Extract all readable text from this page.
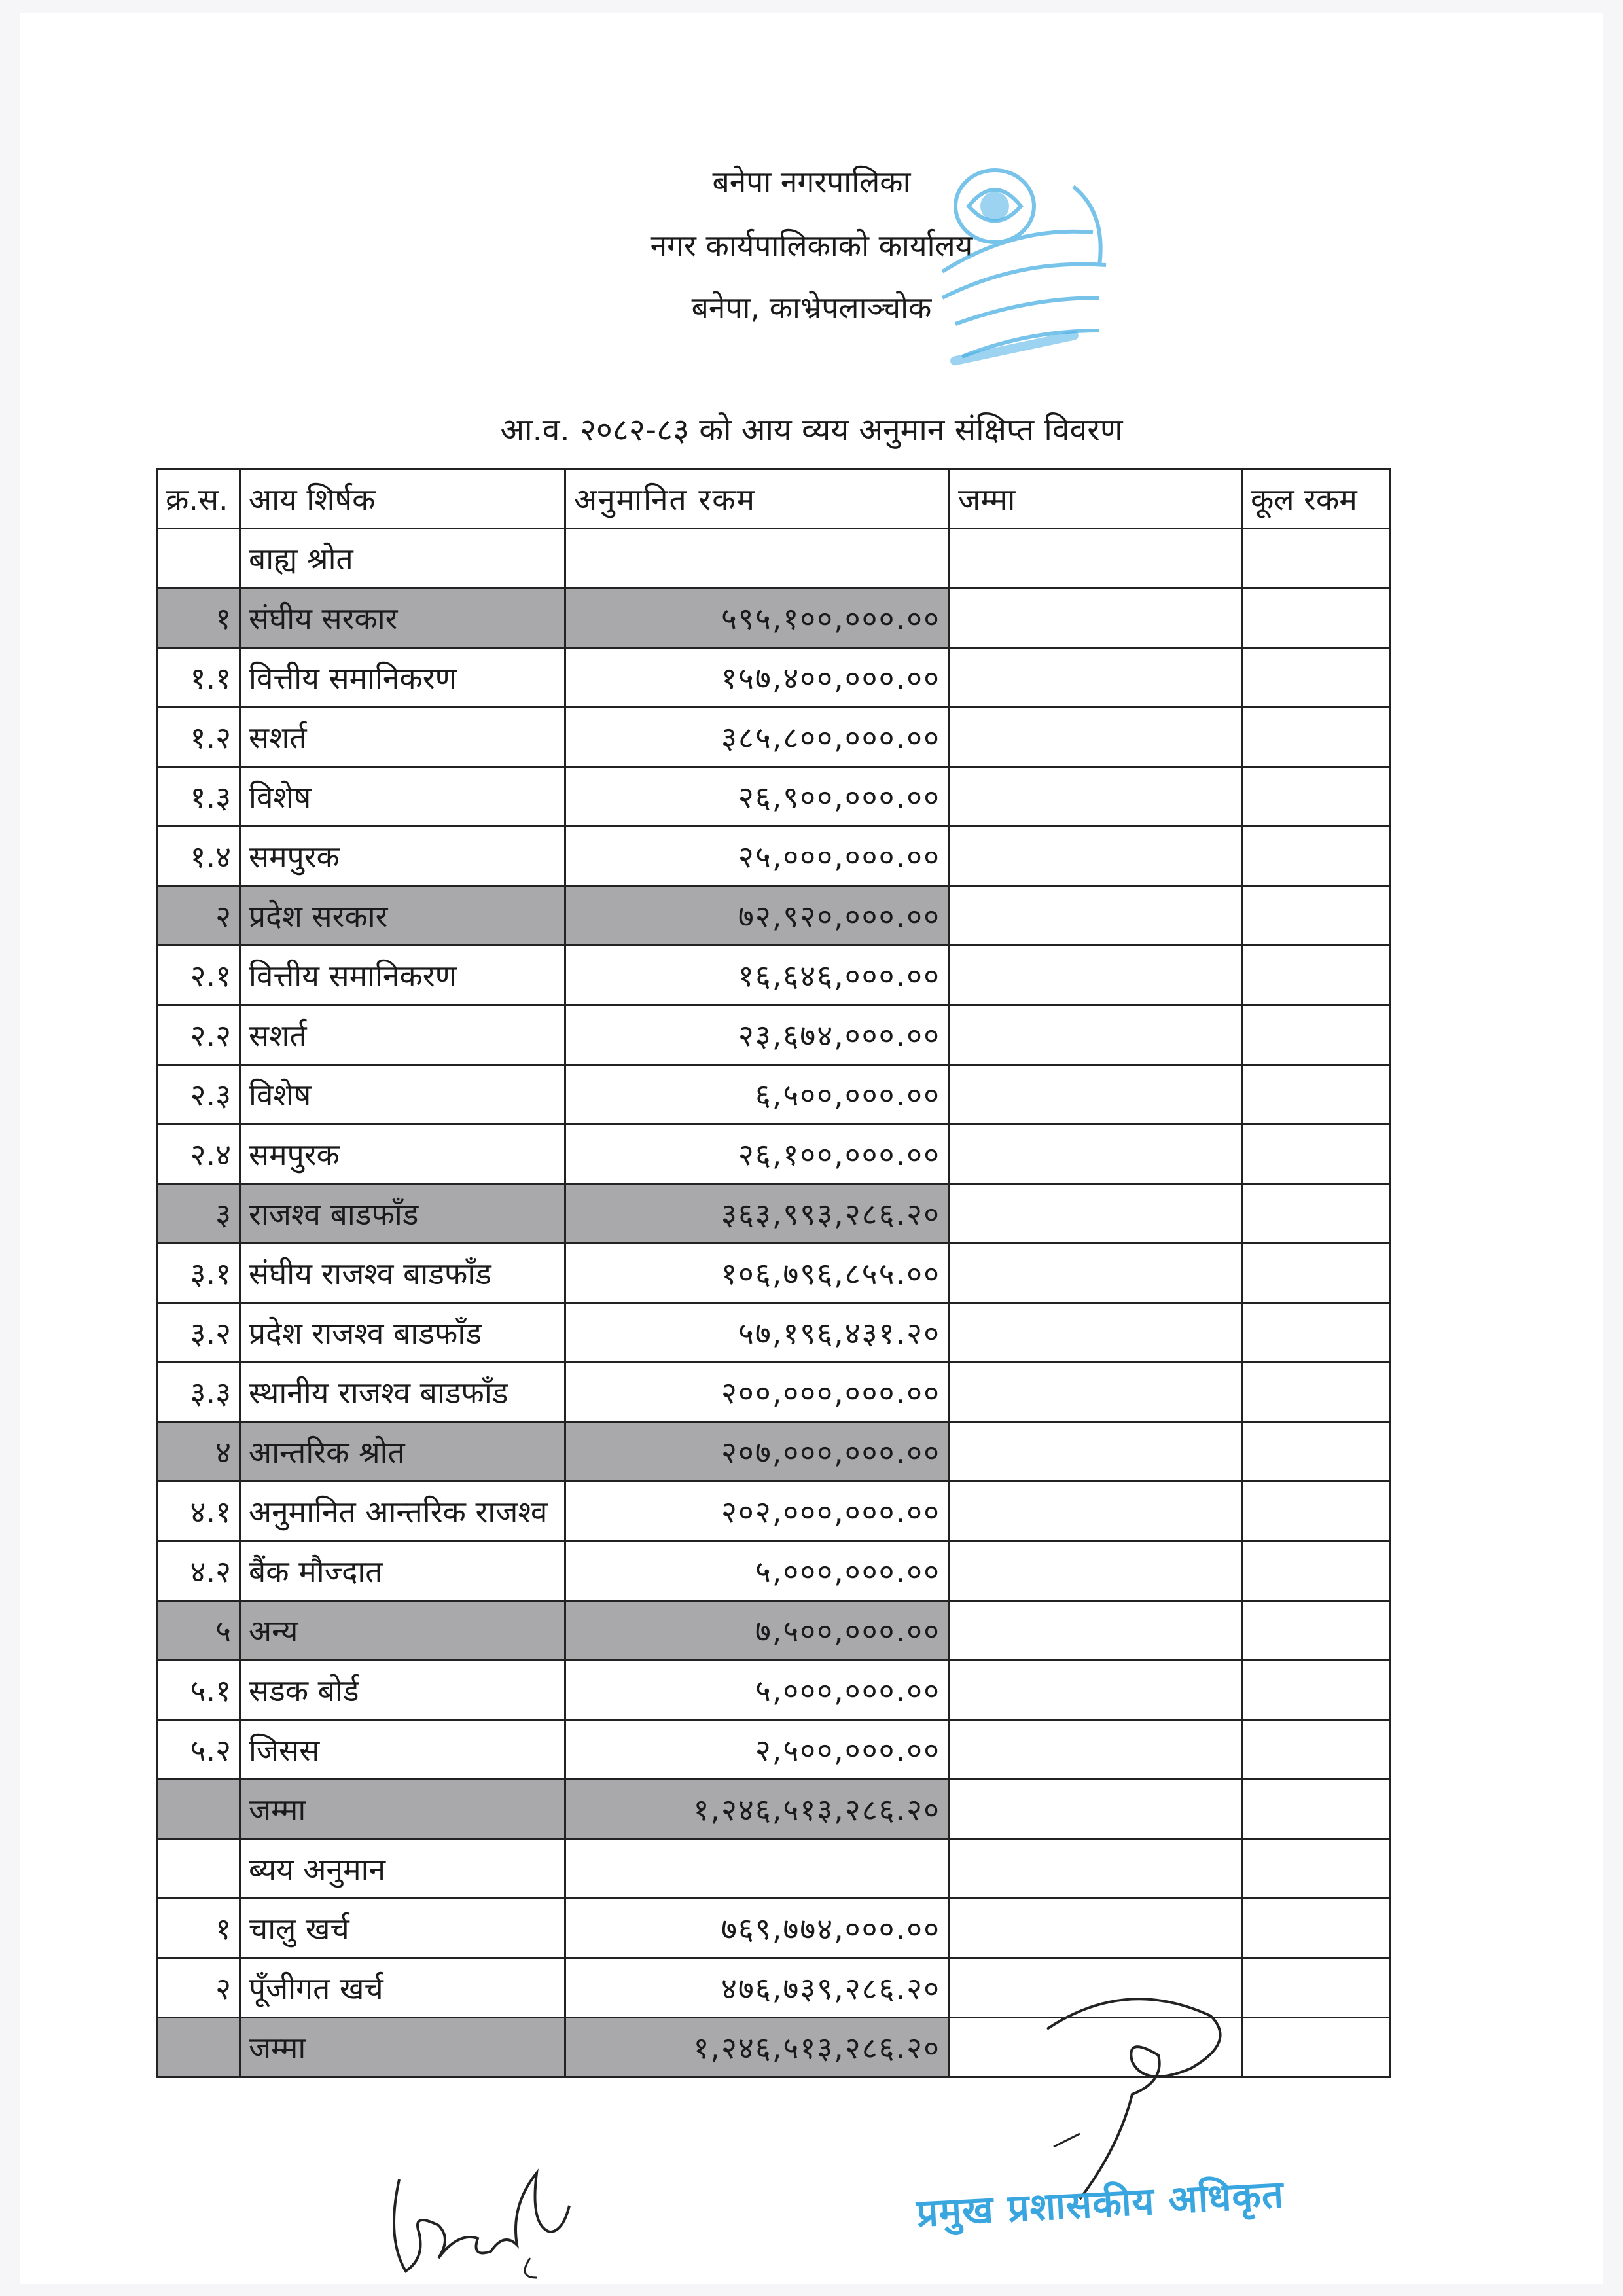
बनेपा नगरपालिका
नगर कार्यपालिकाको कार्यालय
बनेपा, काभ्रेपलाञ्चोक
आ.व. २०८२-८३ को आय व्यय अनुमान संक्षिप्त विवरण
क्र.स.	आय शिर्षक	अनुमानित रकम	जम्मा	कूल रकम
	बाह्य श्रोत			
१	संघीय सरकार	५९५,१००,०००.००		
१.१	वित्तीय समानिकरण	१५७,४००,०००.००		
१.२	सशर्त	३८५,८००,०००.००		
१.३	विशेष	२६,९००,०००.००		
१.४	समपुरक	२५,०००,०००.००		
२	प्रदेश सरकार	७२,९२०,०००.००		
२.१	वित्तीय समानिकरण	१६,६४६,०००.००		
२.२	सशर्त	२३,६७४,०००.००		
२.३	विशेष	६,५००,०००.००		
२.४	समपुरक	२६,१००,०००.००		
३	राजश्व बाडफाँड	३६३,९९३,२८६.२०		
३.१	संघीय राजश्व बाडफाँड	१०६,७९६,८५५.००		
३.२	प्रदेश राजश्व बाडफाँड	५७,१९६,४३१.२०		
३.३	स्थानीय राजश्व बाडफाँड	२००,०००,०००.००		
४	आन्तरिक श्रोत	२०७,०००,०००.००		
४.१	अनुमानित आन्तरिक राजश्व	२०२,०००,०००.००		
४.२	बैंक मौज्दात	५,०००,०००.००		
५	अन्य	७,५००,०००.००		
५.१	सडक बोर्ड	५,०००,०००.००		
५.२	जिसस	२,५००,०००.००		
	जम्मा	१,२४६,५१३,२८६.२०		
	ब्यय अनुमान			
१	चालु खर्च	७६९,७७४,०००.००		
२	पूँजीगत खर्च	४७६,७३९,२८६.२०		
	जम्मा	१,२४६,५१३,२८६.२०		
प्रमुख प्रशासकीय अधिकृत
